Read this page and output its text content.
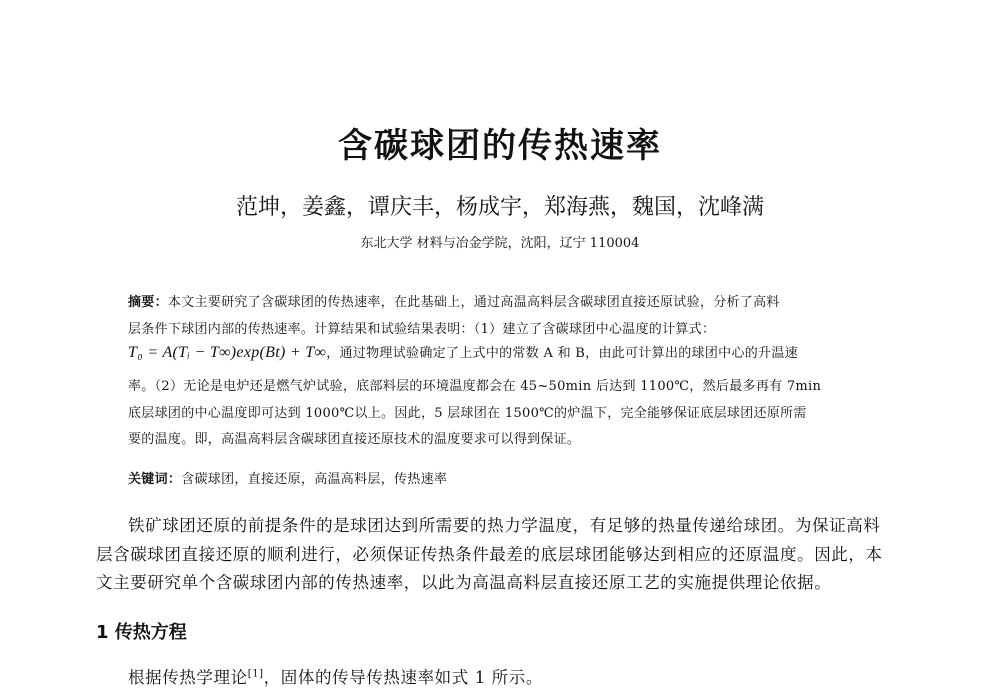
含碳球团的传热速率
范坤，姜鑫，谭庆丰，杨成宇，郑海燕，魏国，沈峰满
东北大学 材料与冶金学院，沈阳，辽宁 110004
摘要：本文主要研究了含碳球团的传热速率，在此基础上，通过高温高料层含碳球团直接还原试验，分析了高料
层条件下球团内部的传热速率。计算结果和试验结果表明：（1）建立了含碳球团中心温度的计算式：
T₀ = A(Tᵢ − T∞)exp(Bt) + T∞，通过物理试验确定了上式中的常数 A 和 B，由此可计算出的球团中心的升温速
率。（2）无论是电炉还是燃气炉试验，底部料层的环境温度都会在 45~50min 后达到 1100℃，然后最多再有 7min
底层球团的中心温度即可达到 1000℃以上。因此，5 层球团在 1500℃的炉温下，完全能够保证底层球团还原所需
要的温度。即，高温高料层含碳球团直接还原技术的温度要求可以得到保证。
关键词：含碳球团，直接还原，高温高料层，传热速率
铁矿球团还原的前提条件的是球团达到所需要的热力学温度，有足够的热量传递给球团。为保证高料
层含碳球团直接还原的顺利进行，必须保证传热条件最差的底层球团能够达到相应的还原温度。因此，本
文主要研究单个含碳球团内部的传热速率，以此为高温高料层直接还原工艺的实施提供理论依据。
1 传热方程
根据传热学理论[1]，固体的传导传热速率如式 1 所示。
